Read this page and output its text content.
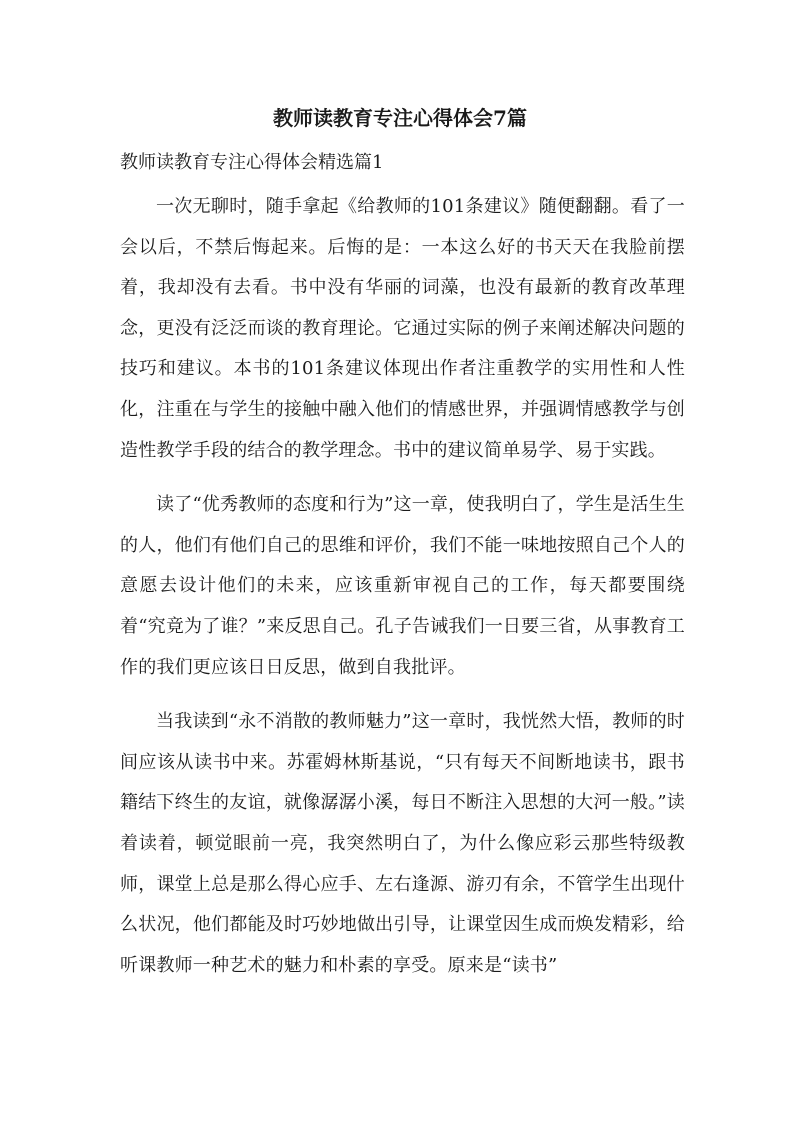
教师读教育专注心得体会7篇

教师读教育专注心得体会精选篇1

一次无聊时，随手拿起《给教师的101条建议》随便翻翻。看了一会以后，不禁后悔起来。后悔的是：一本这么好的书天天在我脸前摆着，我却没有去看。书中没有华丽的词藻，也没有最新的教育改革理念，更没有泛泛而谈的教育理论。它通过实际的例子来阐述解决问题的技巧和建议。本书的101条建议体现出作者注重教学的实用性和人性化，注重在与学生的接触中融入他们的情感世界，并强调情感教学与创造性教学手段的结合的教学理念。书中的建议简单易学、易于实践。

读了“优秀教师的态度和行为”这一章，使我明白了，学生是活生生的人，他们有他们自己的思维和评价，我们不能一味地按照自己个人的意愿去设计他们的未来，应该重新审视自己的工作，每天都要围绕着“究竟为了谁？”来反思自己。孔子告诫我们一日要三省，从事教育工作的我们更应该日日反思，做到自我批评。

当我读到“永不消散的教师魅力”这一章时，我恍然大悟，教师的时间应该从读书中来。苏霍姆林斯基说，“只有每天不间断地读书，跟书籍结下终生的友谊，就像潺潺小溪，每日不断注入思想的大河一般。”读着读着，顿觉眼前一亮，我突然明白了，为什么像应彩云那些特级教师，课堂上总是那么得心应手、左右逢源、游刃有余，不管学生出现什么状况，他们都能及时巧妙地做出引导，让课堂因生成而焕发精彩，给听课教师一种艺术的魅力和朴素的享受。原来是“读书”
